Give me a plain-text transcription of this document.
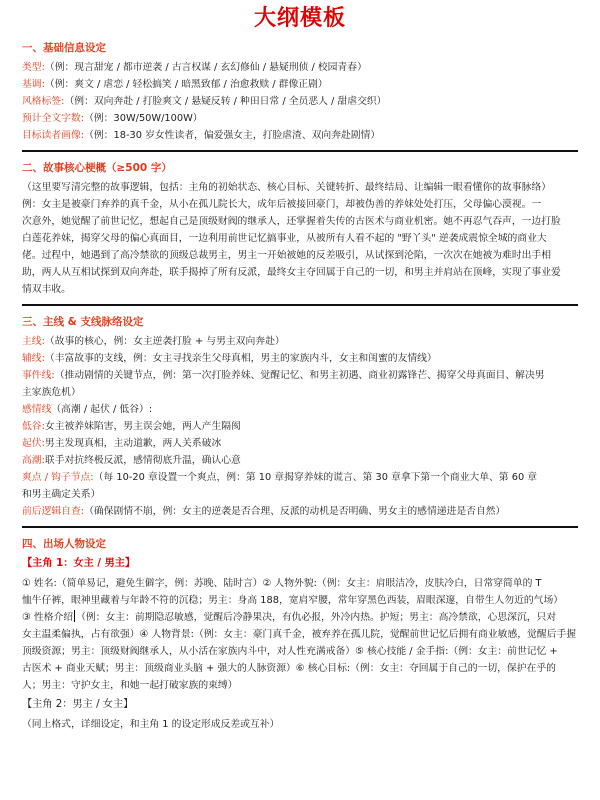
大纲模板
一、基础信息设定
类型:（例：现言甜宠 / 都市逆袭 / 古言权谋 / 玄幻修仙 / 悬疑刑侦 / 校园青春）
基调:（例：爽文 / 虐恋 / 轻松搞笑 / 暗黑致郁 / 治愈救赎 / 群像正剧）
风格标签:（例：双向奔赴 / 打脸爽文 / 悬疑反转 / 种田日常 / 全员恶人 / 甜虐交织）
预计全文字数:（例：30W/50W/100W）
目标读者画像:（例：18-30 岁女性读者，偏爱强女主，打脸虐渣、双向奔赴剧情）
二、故事核心梗概（≥500 字）
（这里要写清完整的故事逻辑，包括：主角的初始状态、核心目标、关键转折、最终结局、让编辑一眼看懂你的故事脉络）
例：女主是被豪门弃养的真千金，从小在孤儿院长大，成年后被接回豪门，却被伪善的养妹处处打压，父母偏心漠视。一
次意外，她觉醒了前世记忆，想起自己是顶级财阀的继承人，还掌握着失传的古医术与商业机密。她不再忍气吞声，一边打脸
白莲花养妹，揭穿父母的偏心真面目，一边利用前世记忆搞事业，从被所有人看不起的 "野丫头" 逆袭成震惊全城的商业大
佬。过程中，她遇到了高冷禁欲的顶级总裁男主，男主一开始被她的反差吸引，从试探到沦陷，一次次在她被为难时出手相
助，两人从互相试探到双向奔赴，联手揭掉了所有反派，最终女主夺回属于自己的一切，和男主并肩站在顶峰，实现了事业爱
情双丰收。
三、主线 & 支线脉络设定
主线:（故事的核心，例：女主逆袭打脸 + 与男主双向奔赴）
辅线:（丰富故事的支线，例：女主寻找亲生父母真相，男主的家族内斗，女主和闺蜜的友情线）
事件线:（推动剧情的关键节点，例：第一次打脸养妹、觉醒记忆、和男主初遇、商业初露锋芒、揭穿父母真面目、解决男
主家族危机）
感情线（高潮 / 起伏 / 低谷）:
低谷:女主被养妹陷害，男主误会她，两人产生隔阂
起伏:男主发现真相，主动道歉，两人关系破冰
高潮:联手对抗终极反派，感情彻底升温，确认心意
爽点 / 钩子节点:（每 10-20 章设置一个爽点，例：第 10 章揭穿养妹的谎言、第 30 章拿下第一个商业大单、第 60 章
和男主确定关系）
前后逻辑自查:（确保剧情不崩，例：女主的逆袭是否合理、反派的动机是否明确、男女主的感情递进是否自然）
四、出场人物设定
【主角 1：女主 / 男主】
① 姓名:（简单易记，避免生僻字，例：苏晚、陆时言）② 人物外貌:（例：女主：肩眼洁冷，皮肤冷白，日常穿简单的 T
恤牛仔裤，眼神里藏着与年龄不符的沉稳；男主：身高 188，宽肩窄腰，常年穿黑色西装，眉眼深邃，自带生人勿近的气场）
③ 性格介绍 （例：女主：前期隐忍敏感，觉醒后冷静果决，有仇必报，外冷内热。护短；男主：高冷禁欲，心思深沉，只对
女主温柔偏执，占有欲强）④ 人物背景:（例：女主：豪门真千金，被弃养在孤儿院，觉醒前世记忆后拥有商业敏感，觉醒后手握
顶级资源；男主：顶级财阀继承人，从小活在家族内斗中，对人性充满戒备）⑤ 核心技能 / 金手指:（例：女主：前世记忆 +
古医术 + 商业天赋；男主：顶级商业头脑 + 强大的人脉资源）⑥ 核心目标:（例：女主：夺回属于自己的一切，保护在乎的
人；男主：守护女主，和她一起打破家族的束缚）
【主角 2：男主 / 女主】
（同上格式，详细设定，和主角 1 的设定形成反差或互补）
